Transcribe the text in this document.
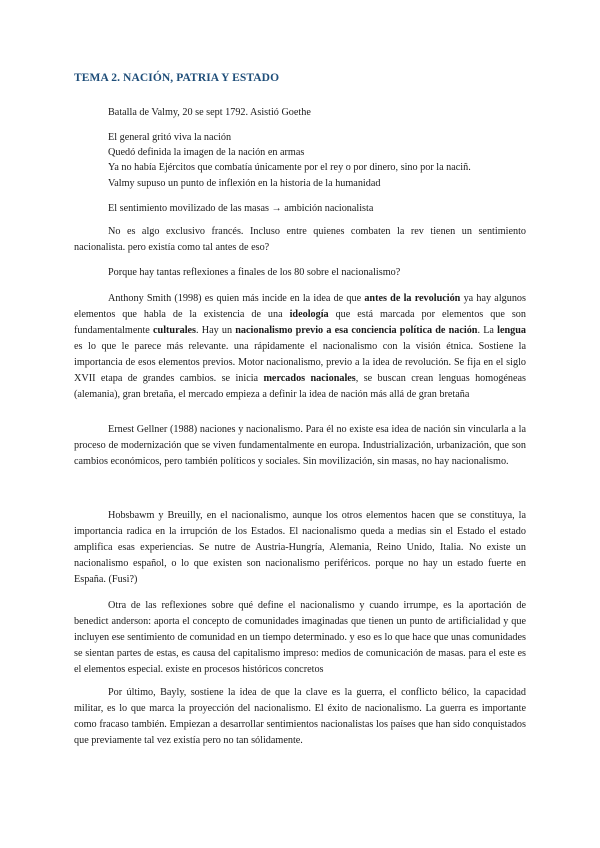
TEMA 2. NACIÓN, PATRIA Y ESTADO
Batalla de Valmy, 20 se sept 1792. Asistió Goethe
El general gritó viva la nación
Quedó definida la imagen de la nación en armas
Ya no había Ejércitos que combatía únicamente por el rey o por dinero, sino por la naciñ.
Valmy supuso un punto de inflexión en la historia de la humanidad
El sentimiento movilizado de las masas → ambición nacionalista
No es algo exclusivo francés. Incluso entre quienes combaten la rev tienen un sentimiento nacionalista. pero existía como tal antes de eso?
Porque hay tantas reflexiones a finales de los 80 sobre el nacionalismo?
Anthony Smith (1998) es quien más incide en la idea de que antes de la revolución ya hay algunos elementos que habla de la existencia de una ideología que está marcada por elementos que son fundamentalmente culturales. Hay un nacionalismo previo a esa conciencia política de nación. La lengua es lo que le parece más relevante. una rápidamente el nacionalismo con la visión étnica. Sostiene la importancia de esos elementos previos. Motor nacionalismo, previo a la idea de revolución. Se fija en el siglo XVII etapa de grandes cambios. se inicia mercados nacionales, se buscan crean lenguas homogéneas (alemania), gran bretaña, el mercado empieza a definir la idea de nación más allá de gran bretaña
Ernest Gellner (1988) naciones y nacionalismo. Para él no existe esa idea de nación sin vincularla a la proceso de modernización que se viven fundamentalmente en europa. Industrialización, urbanización, que son cambios económicos, pero también políticos y sociales. Sin movilización, sin masas, no hay nacionalismo.
Hobsbawm y Breuilly, en el nacionalismo, aunque los otros elementos hacen que se constituya, la importancia radica en la irrupción de los Estados. El nacionalismo queda a medias sin el Estado el estado amplifica esas experiencias. Se nutre de Austria-Hungría, Alemania, Reino Unido, Italia. No existe un nacionalismo español, o lo que existen son nacionalismo periféricos. porque no hay un estado fuerte en España. (Fusi?)
Otra de las reflexiones sobre qué define el nacionalismo y cuando irrumpe, es la aportación de benedict anderson: aporta el concepto de comunidades imaginadas que tienen un punto de artificialidad y que incluyen ese sentimiento de comunidad en un tiempo determinado. y eso es lo que hace que unas comunidades se sientan partes de estas, es causa del capitalismo impreso: medios de comunicación de masas. para el este es el elementos especial. existe en procesos históricos concretos
Por último, Bayly, sostiene la idea de que la clave es la guerra, el conflicto bélico, la capacidad militar, es lo que marca la proyección del nacionalismo. El éxito de nacionalismo. La guerra es importante como fracaso también. Empiezan a desarrollar sentimientos nacionalistas los países que han sido conquistados que previamente tal vez existía pero no tan sólidamente.
